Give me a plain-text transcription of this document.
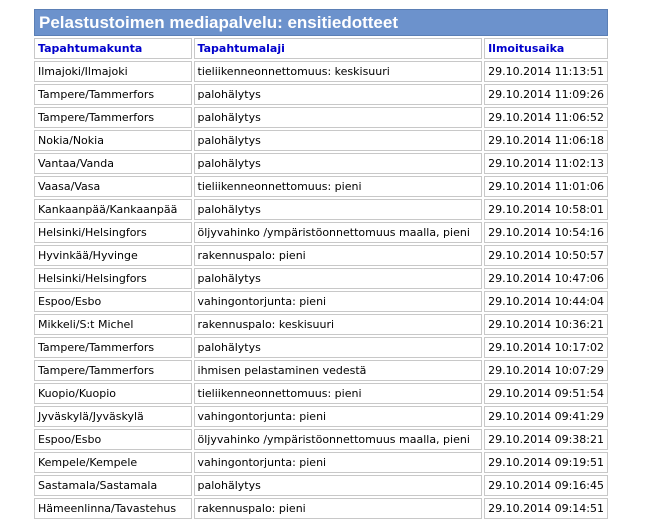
Pelastustoimen mediapalvelu: ensitiedotteet		
Tapahtumakunta	Tapahtumalaji	Ilmoitusaika
Ilmajoki/Ilmajoki	tieliikenneonnettomuus: keskisuuri	29.10.2014 11:13:51
Tampere/Tammerfors	palohälytys	29.10.2014 11:09:26
Tampere/Tammerfors	palohälytys	29.10.2014 11:06:52
Nokia/Nokia	palohälytys	29.10.2014 11:06:18
Vantaa/Vanda	palohälytys	29.10.2014 11:02:13
Vaasa/Vasa	tieliikenneonnettomuus: pieni	29.10.2014 11:01:06
Kankaanpää/Kankaanpää	palohälytys	29.10.2014 10:58:01
Helsinki/Helsingfors	öljyvahinko /ympäristöonnettomuus maalla, pieni	29.10.2014 10:54:16
Hyvinkää/Hyvinge	rakennuspalo: pieni	29.10.2014 10:50:57
Helsinki/Helsingfors	palohälytys	29.10.2014 10:47:06
Espoo/Esbo	vahingontorjunta: pieni	29.10.2014 10:44:04
Mikkeli/S:t Michel	rakennuspalo: keskisuuri	29.10.2014 10:36:21
Tampere/Tammerfors	palohälytys	29.10.2014 10:17:02
Tampere/Tammerfors	ihmisen pelastaminen vedestä	29.10.2014 10:07:29
Kuopio/Kuopio	tieliikenneonnettomuus: pieni	29.10.2014 09:51:54
Jyväskylä/Jyväskylä	vahingontorjunta: pieni	29.10.2014 09:41:29
Espoo/Esbo	öljyvahinko /ympäristöonnettomuus maalla, pieni	29.10.2014 09:38:21
Kempele/Kempele	vahingontorjunta: pieni	29.10.2014 09:19:51
Sastamala/Sastamala	palohälytys	29.10.2014 09:16:45
Hämeenlinna/Tavastehus	rakennuspalo: pieni	29.10.2014 09:14:51
